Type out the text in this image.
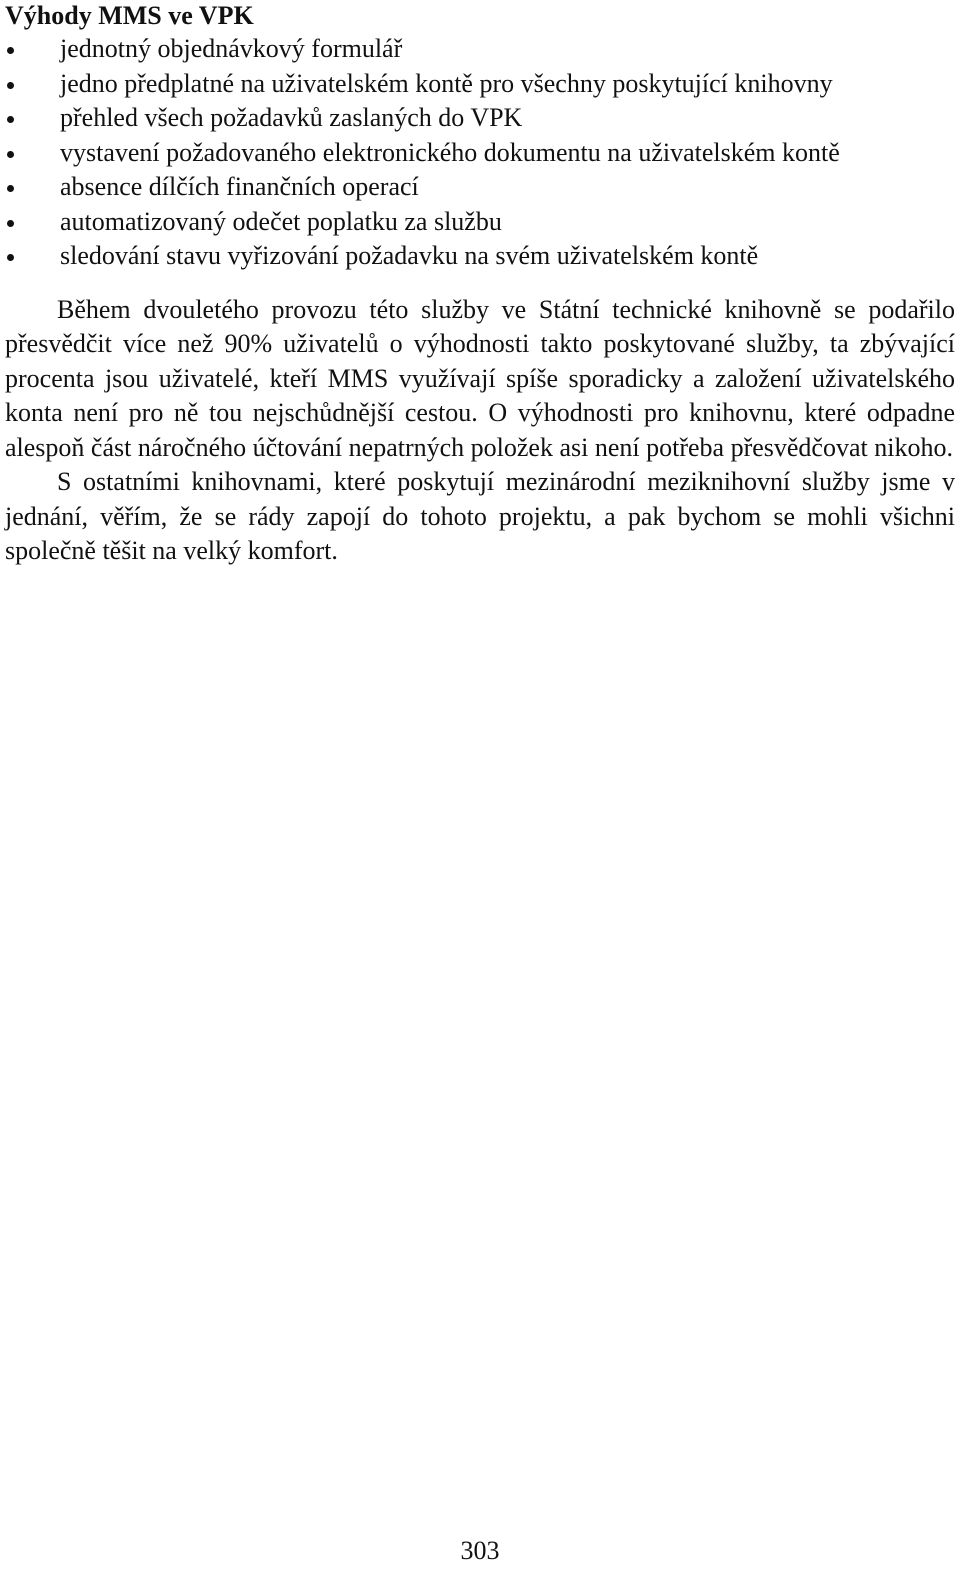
Výhody MMS ve VPK
jednotný objednávkový formulář
jedno předplatné na uživatelském kontě pro všechny poskytující knihovny
přehled všech požadavků zaslaných do VPK
vystavení požadovaného elektronického dokumentu na uživatelském kontě
absence dílčích finančních operací
automatizovaný odečet poplatku za službu
sledování stavu vyřizování požadavku na svém uživatelském kontě

Během dvouletého provozu této služby ve Státní technické knihovně se podařilo přesvědčit více než 90% uživatelů o výhodnosti takto poskytované služby, ta zbývající procenta jsou uživatelé, kteří MMS využívají spíše sporadicky a založení uživatelského konta není pro ně tou nejschůdnější cestou. O výhodnosti pro knihovnu, které odpadne alespoň část náročného účtování nepatrných položek asi není potřeba přesvědčovat nikoho.

S ostatními knihovnami, které poskytují mezinárodní meziknihovní služby jsme v jednání, věřím, že se rády zapojí do tohoto projektu, a pak bychom se mohli všichni společně těšit na velký komfort.

303
